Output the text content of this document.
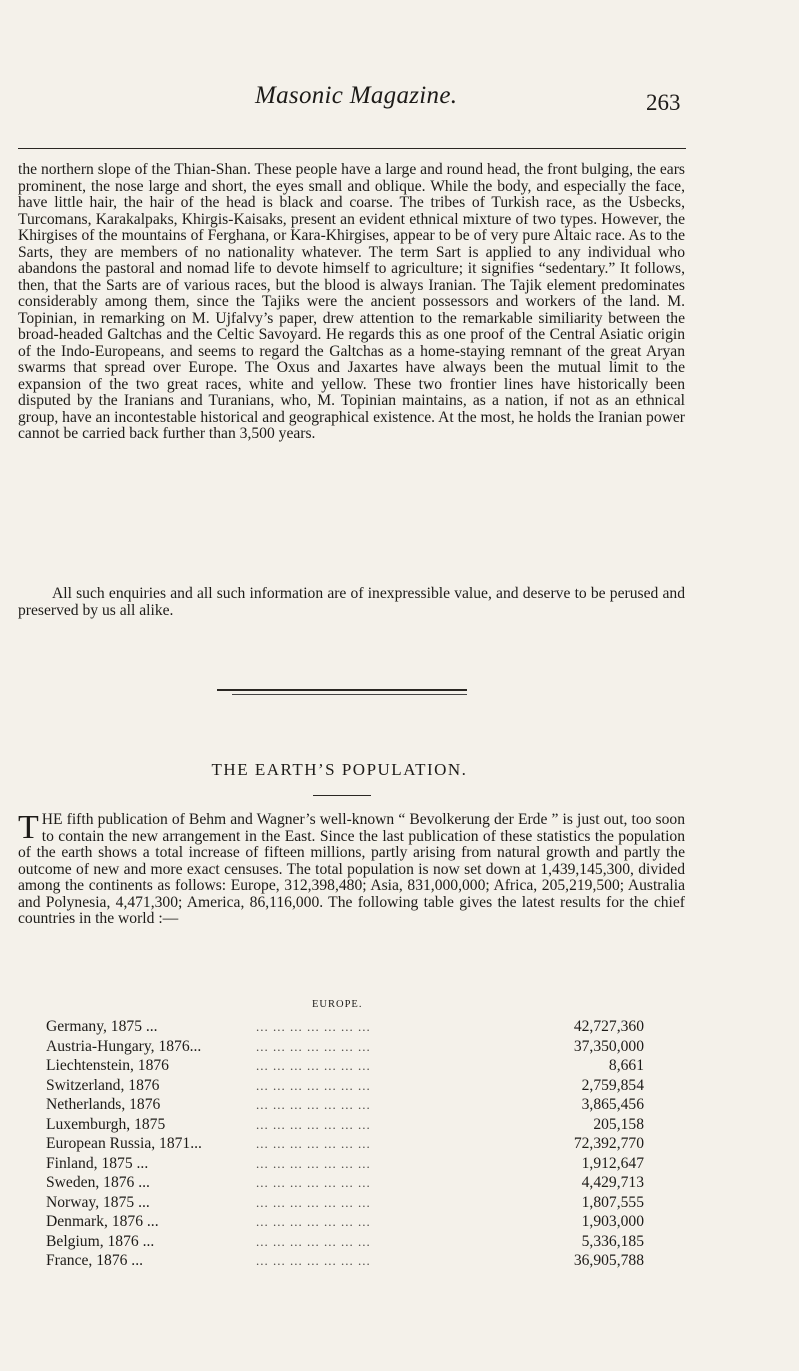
Masonic Magazine.	263

the northern slope of the Thian-Shan. These people have a large and round head, the front bulging, the ears prominent, the nose large and short, the eyes small and oblique. While the body, and especially the face, have little hair, the hair of the head is black and coarse. The tribes of Turkish race, as the Usbecks, Turcomans, Karakalpaks, Khirgis-Kaisaks, present an evident ethnical mixture of two types. However, the Khirgises of the mountains of Ferghana, or Kara-Khirgises, appear to be of very pure Altaic race. As to the Sarts, they are members of no nationality whatever. The term Sart is applied to any individual who abandons the pastoral and nomad life to devote himself to agriculture; it signifies “sedentary.” It follows, then, that the Sarts are of various races, but the blood is always Iranian. The Tajik element predominates considerably among them, since the Tajiks were the ancient possessors and workers of the land. M. Topinian, in remarking on M. Ujfalvy’s paper, drew attention to the remarkable similiarity between the broad-headed Galtchas and the Celtic Savoyard. He regards this as one proof of the Central Asiatic origin of the Indo-Europeans, and seems to regard the Galtchas as a home-staying remnant of the great Aryan swarms that spread over Europe. The Oxus and Jaxartes have always been the mutual limit to the expansion of the two great races, white and yellow. These two frontier lines have historically been disputed by the Iranians and Turanians, who, M. Topinian maintains, as a nation, if not as an ethnical group, have an incontestable historical and geographical existence. At the most, he holds the Iranian power cannot be carried back further than 3,500 years.

All such enquiries and all such information are of inexpressible value, and deserve to be perused and preserved by us all alike.

THE EARTH’S POPULATION.

THE fifth publication of Behm and Wagner’s well-known “ Bevolkerung der Erde ” is just out, too soon to contain the new arrangement in the East. Since the last publication of these statistics the population of the earth shows a total increase of fifteen millions, partly arising from natural growth and partly the outcome of new and more exact censuses. The total population is now set down at 1,439,145,300, divided among the continents as follows: Europe, 312,398,480; Asia, 831,000,000; Africa, 205,219,500; Australia and Polynesia, 4,471,300; America, 86,116,000. The following table gives the latest results for the chief countries in the world :—

EUROPE.
Germany, 1875 ...	... ... ... ... ... ... ...	42,727,360
Austria-Hungary, 1876...	... ... ... ... ... ... ...	37,350,000
Liechtenstein, 1876	... ... ... ... ... ... ...	8,661
Switzerland, 1876	... ... ... ... ... ... ...	2,759,854
Netherlands, 1876	... ... ... ... ... ... ...	3,865,456
Luxemburgh, 1875	... ... ... ... ... ... ...	205,158
European Russia, 1871...	... ... ... ... ... ... ...	72,392,770
Finland, 1875 ...	... ... ... ... ... ... ...	1,912,647
Sweden, 1876 ...	... ... ... ... ... ... ...	4,429,713
Norway, 1875 ...	... ... ... ... ... ... ...	1,807,555
Denmark, 1876 ...	... ... ... ... ... ... ...	1,903,000
Belgium, 1876 ...	... ... ... ... ... ... ...	5,336,185
France, 1876 ...	... ... ... ... ... ... ...	36,905,788
